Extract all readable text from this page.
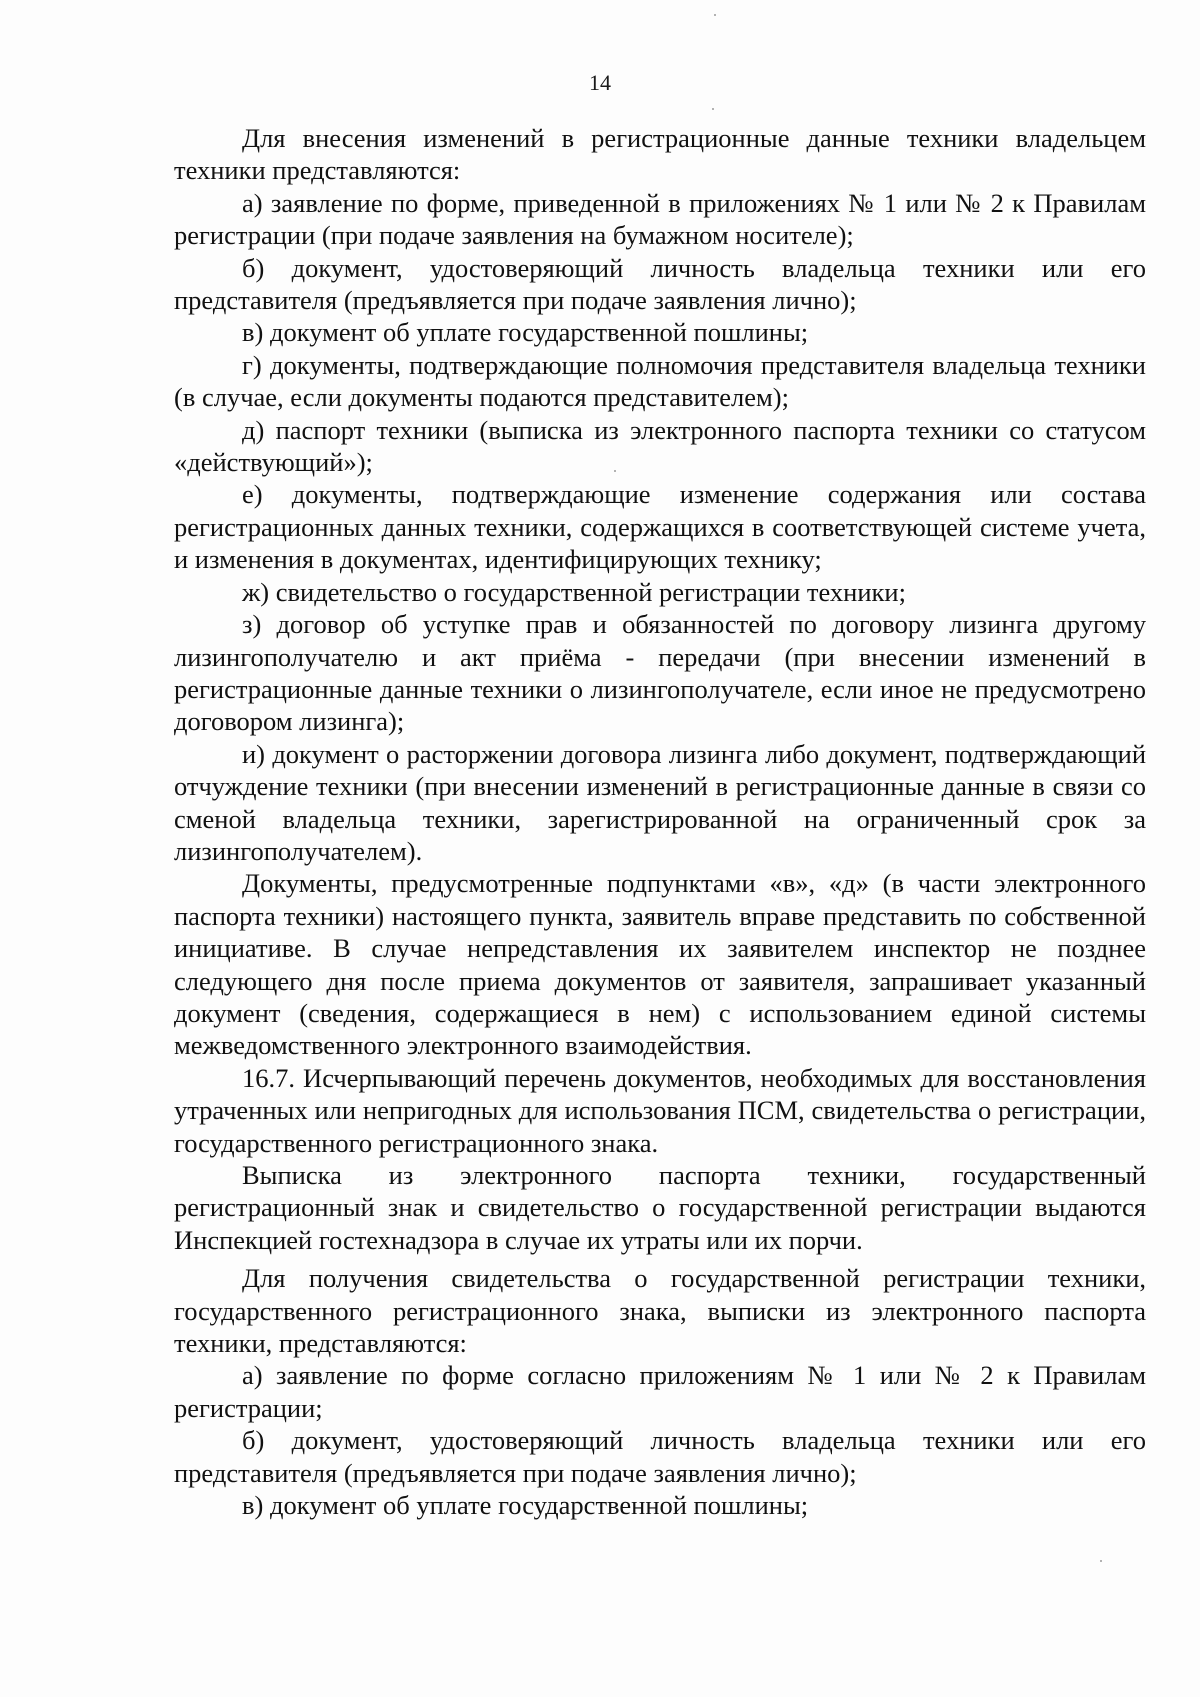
14

Для внесения изменений в регистрационные данные техники владельцем техники представляются:

а) заявление по форме, приведенной в приложениях № 1 или № 2 к Правилам регистрации (при подаче заявления на бумажном носителе);

б) документ, удостоверяющий личность владельца техники или его представителя (предъявляется при подаче заявления лично);

в) документ об уплате государственной пошлины;

г) документы, подтверждающие полномочия представителя владельца техники (в случае, если документы подаются представителем);

д) паспорт техники (выписка из электронного паспорта техники со статусом «действующий»);

е) документы, подтверждающие изменение содержания или состава регистрационных данных техники, содержащихся в соответствующей системе учета, и изменения в документах, идентифицирующих технику;

ж) свидетельство о государственной регистрации техники;

з) договор об уступке прав и обязанностей по договору лизинга другому лизингополучателю и акт приёма - передачи (при внесении изменений в регистрационные данные техники о лизингополучателе, если иное не предусмотрено договором лизинга);

и) документ о расторжении договора лизинга либо документ, подтверждающий отчуждение техники (при внесении изменений в регистрационные данные в связи со сменой владельца техники, зарегистрированной на ограниченный срок за лизингополучателем).

Документы, предусмотренные подпунктами «в», «д» (в части электронного паспорта техники) настоящего пункта, заявитель вправе представить по собственной инициативе. В случае непредставления их заявителем инспектор не позднее следующего дня после приема документов от заявителя, запрашивает указанный документ (сведения, содержащиеся в нем) с использованием единой системы межведомственного электронного взаимодействия.

16.7. Исчерпывающий перечень документов, необходимых для восстановления утраченных или непригодных для использования ПСМ, свидетельства о регистрации, государственного регистрационного знака.

Выписка из электронного паспорта техники, государственный регистрационный знак и свидетельство о государственной регистрации выдаются Инспекцией гостехнадзора в случае их утраты или их порчи.

Для получения свидетельства о государственной регистрации техники, государственного регистрационного знака, выписки из электронного паспорта техники, представляются:

а) заявление по форме согласно приложениям № 1 или № 2 к Правилам регистрации;

б) документ, удостоверяющий личность владельца техники или его представителя (предъявляется при подаче заявления лично);

в) документ об уплате государственной пошлины;
